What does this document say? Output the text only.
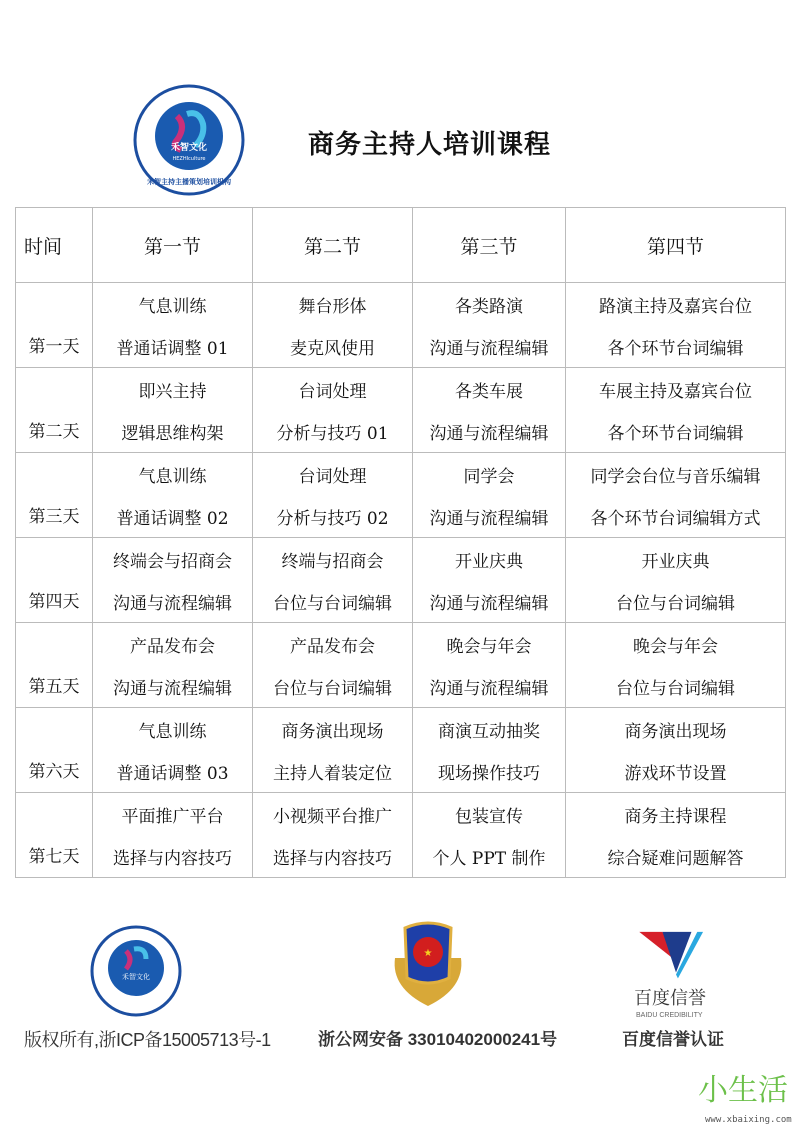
禾智文化
HEZHIculture
禾智主持主播策划培训机构
商务主持人培训课程
时间	第一节	第二节	第三节	第四节
第一天	气息训练	舞台形体	各类路演	路演主持及嘉宾台位
	普通话调整 01	麦克风使用	沟通与流程编辑	各个环节台词编辑
第二天	即兴主持	台词处理	各类车展	车展主持及嘉宾台位
	逻辑思维构架	分析与技巧 01	沟通与流程编辑	各个环节台词编辑
第三天	气息训练	台词处理	同学会	同学会台位与音乐编辑
	普通话调整 02	分析与技巧 02	沟通与流程编辑	各个环节台词编辑方式
第四天	终端会与招商会	终端与招商会	开业庆典	开业庆典
	沟通与流程编辑	台位与台词编辑	沟通与流程编辑	台位与台词编辑
第五天	产品发布会	产品发布会	晚会与年会	晚会与年会
	沟通与流程编辑	台位与台词编辑	沟通与流程编辑	台位与台词编辑
第六天	气息训练	商务演出现场	商演互动抽奖	商务演出现场
	普通话调整 03	主持人着装定位	现场操作技巧	游戏环节设置
第七天	平面推广平台	小视频平台推广	包装宣传	商务主持课程
	选择与内容技巧	选择与内容技巧	个人 PPT 制作	综合疑难问题解答
禾智文化
版权所有,浙ICP备15005713号-1
★
浙公网安备 33010402000241号
百度信誉
BAIDU CREDIBILITY
百度信誉认证
小生活
www.xbaixing.com
